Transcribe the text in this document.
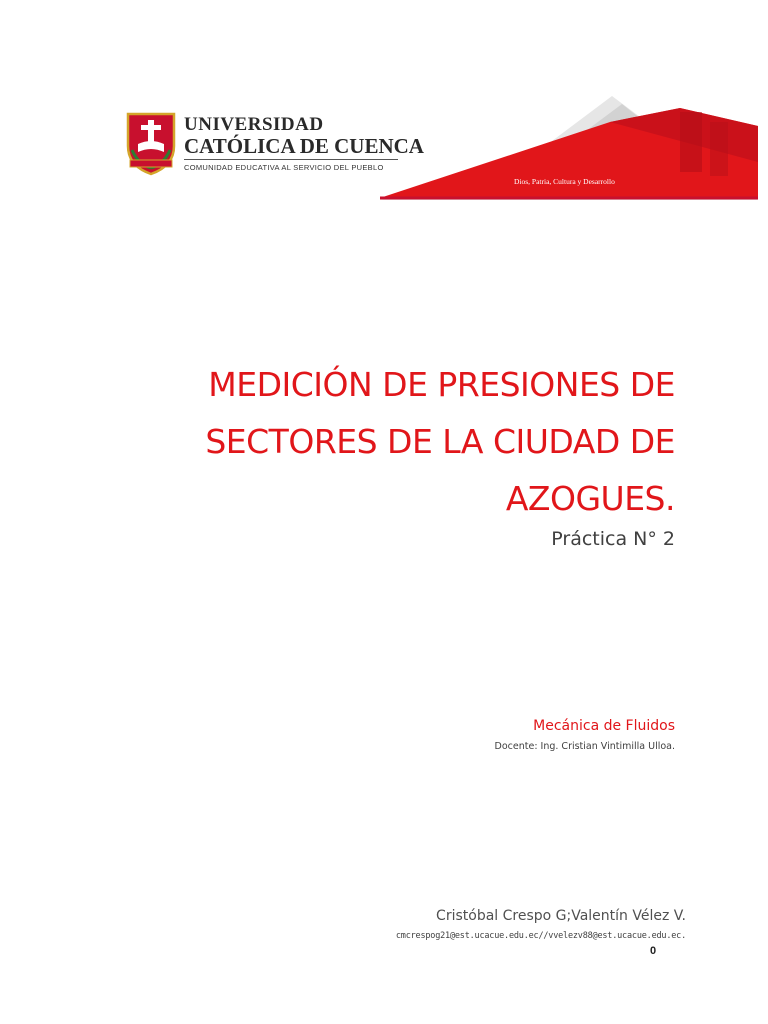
UNIVERSIDAD
CATÓLICA DE CUENCA
COMUNIDAD EDUCATIVA AL SERVICIO DEL PUEBLO
Dios, Patria, Cultura y Desarrollo
MEDICIÓN DE PRESIONES DE
SECTORES DE LA CIUDAD DE
AZOGUES.
Práctica N° 2
Mecánica de Fluidos
Docente: Ing. Cristian Vintimilla Ulloa.
Cristóbal Crespo G;Valentín Vélez V.
cmcrespog21@est.ucacue.edu.ec//vvelezv88@est.ucacue.edu.ec.
0
